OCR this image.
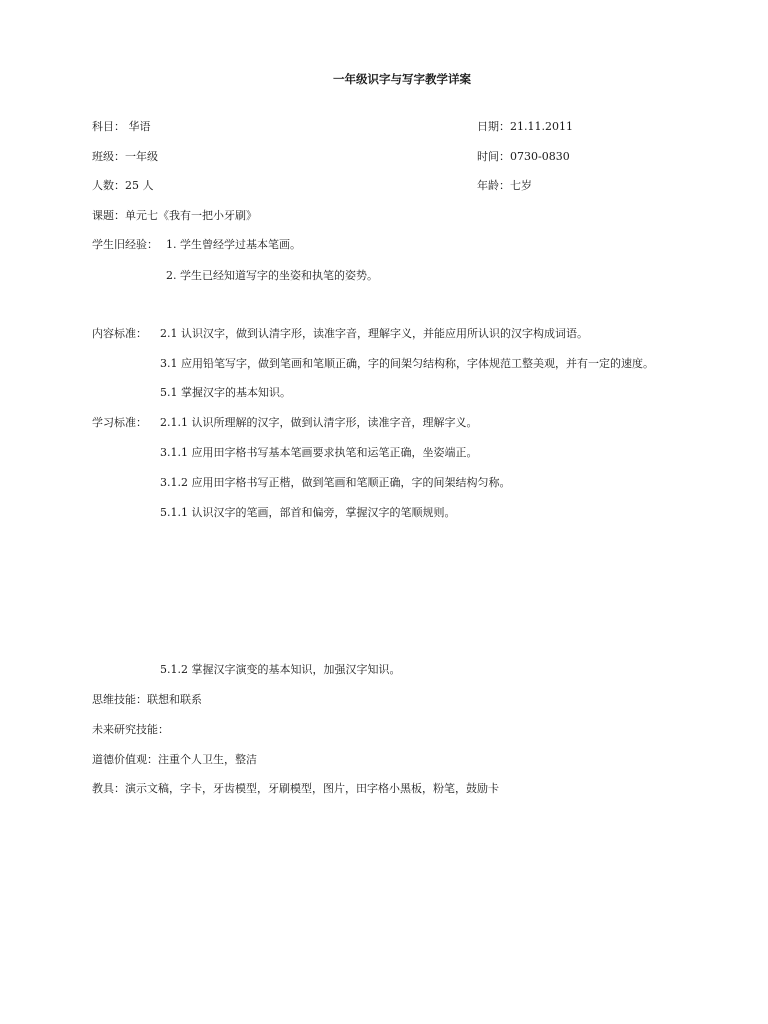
一年级识字与写字教学详案
科目： 华语	日期：21.11.2011
班级：一年级	时间：0730-0830
人数：25 人	年龄：七岁
课题：单元七《我有一把小牙刷》
学生旧经验： 1. 学生曾经学过基本笔画。
2. 学生已经知道写字的坐姿和执笔的姿势。
内容标准： 2.1 认识汉字，做到认清字形，读准字音，理解字义，并能应用所认识的汉字构成词语。
3.1 应用铅笔写字，做到笔画和笔顺正确，字的间架匀结构称，字体规范工整美观，并有一定的速度。
5.1 掌握汉字的基本知识。
学习标准： 2.1.1 认识所理解的汉字，做到认清字形，读准字音，理解字义。
3.1.1 应用田字格书写基本笔画要求执笔和运笔正确，坐姿端正。
3.1.2 应用田字格书写正楷，做到笔画和笔顺正确，字的间架结构匀称。
5.1.1 认识汉字的笔画，部首和偏旁，掌握汉字的笔顺规则。
5.1.2 掌握汉字演变的基本知识，加强汉字知识。
思维技能：联想和联系
未来研究技能：
道德价值观：注重个人卫生，整洁
教具：演示文稿，字卡，牙齿模型，牙刷模型，图片，田字格小黑板，粉笔，鼓励卡
